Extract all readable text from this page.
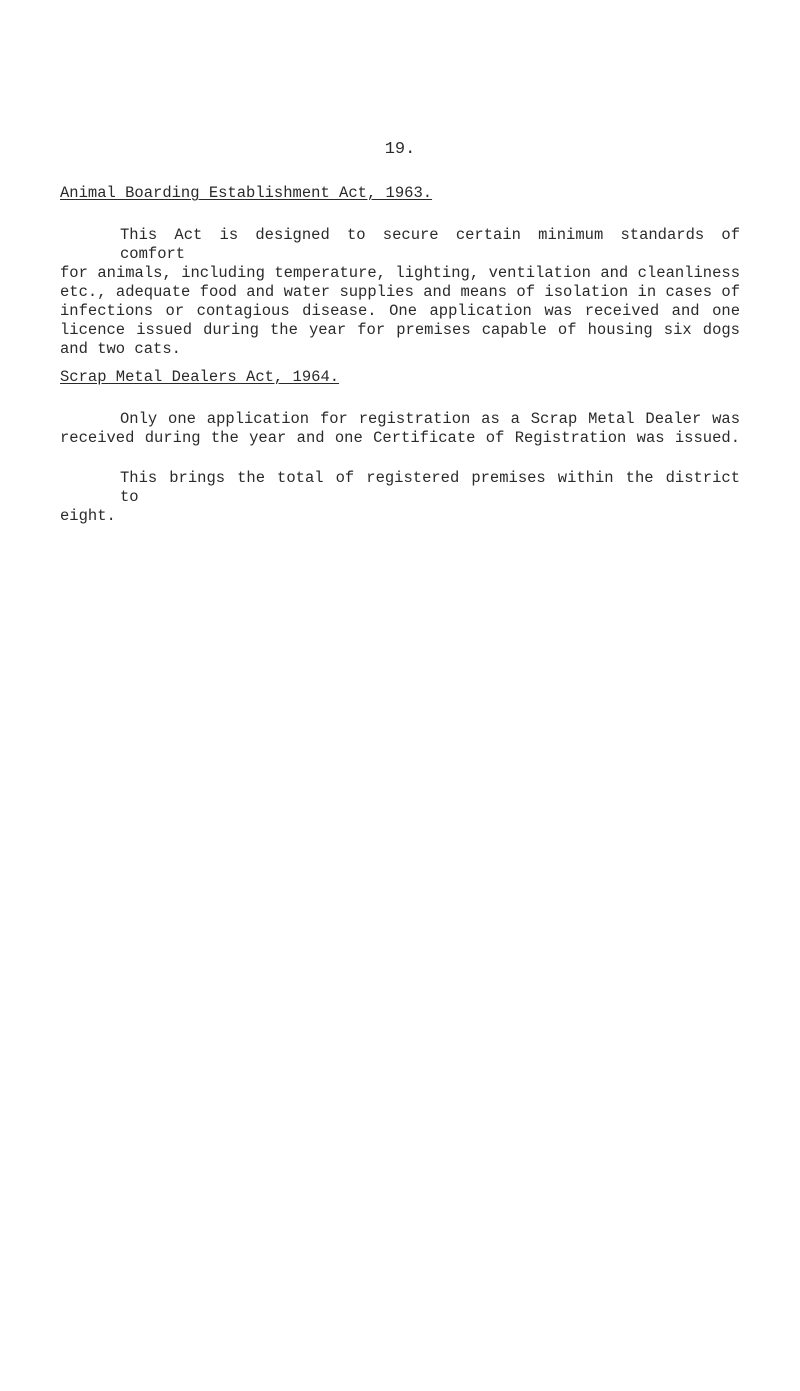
19.
Animal Boarding Establishment Act, 1963.
This Act is designed to secure certain minimum standards of comfort
for animals, including temperature, lighting, ventilation and cleanliness
etc., adequate food and water supplies and means of isolation in cases of
infections or contagious disease. One application was received and one
licence issued during the year for premises capable of housing six dogs
and two cats.
Scrap Metal Dealers Act, 1964.
Only one application for registration as a Scrap Metal Dealer was
received during the year and one Certificate of Registration was issued.
This brings the total of registered premises within the district to
eight.
